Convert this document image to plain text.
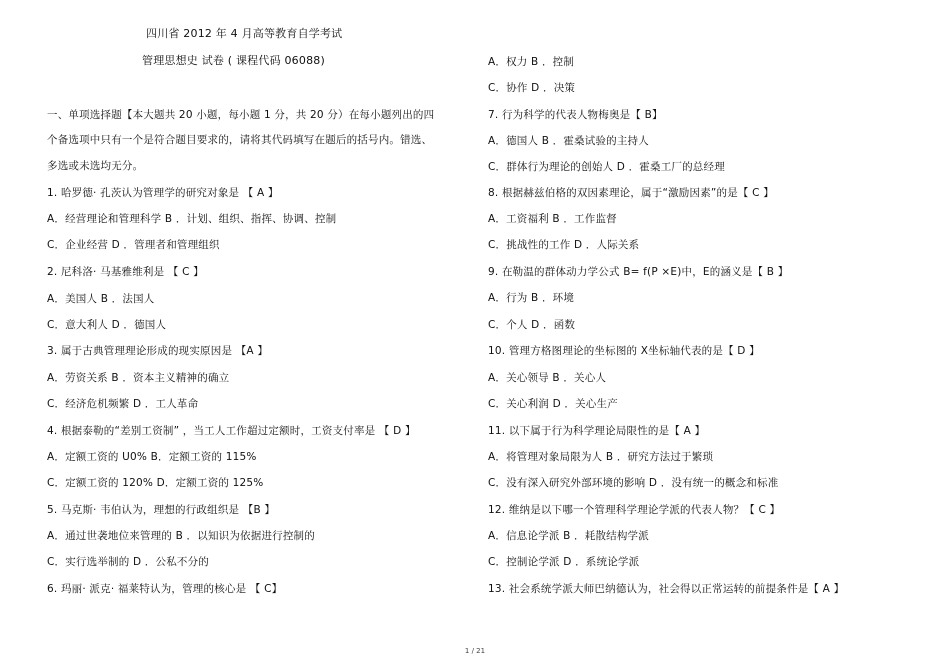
四川省 2012 年 4 月高等教育自学考试
管理思想史 试卷 ( 课程代码 06088)
一、单项选择题【本大题共 20 小题，每小题 1 分，共 20 分）在每小题列出的四
个备选项中只有一个是符合题目要求的，请将其代码填写在题后的括号内。错选、
多选或未选均无分。
1. 哈罗德· 孔茨认为管理学的研究对象是 【 A 】
A．经营理论和管理科学 B ．计划、组织、指挥、协调、控制
C．企业经营 D ．管理者和管理组织
2. 尼科洛· 马基雅维利是 【 C 】
A．美国人 B ．法国人
C．意大利人 D ．德国人
3. 属于古典管理理论形成的现实原因是 【A 】
A．劳资关系 B ．资本主义精神的确立
C．经济危机频繁 D ．工人革命
4. 根据泰勒的“差别工资制” ，当工人工作超过定额时，工资支付率是 【 D 】
A．定额工资的 U0% B．定额工资的 115%
C．定额工资的 120% D．定额工资的 125%
5. 马克斯· 韦伯认为，理想的行政组织是 【B 】
A．通过世袭地位来管理的 B ．以知识为依据进行控制的
C．实行选举制的 D ．公私不分的
6. 玛丽· 派克· 福莱特认为，管理的核心是 【 C】
A．权力 B ．控制
C．协作 D ．决策
7. 行为科学的代表人物梅奥是【 B】
A．德国人 B ．霍桑试验的主持人
C．群体行为理论的创始人 D ．霍桑工厂的总经理
8. 根据赫兹伯格的双因素理论，属于“激励因素”的是【 C 】
A．工资福利 B ．工作监督
C．挑战性的工作 D ．人际关系
9. 在勒温的群体动力学公式 B= f(P ×E)中，E的涵义是【 B 】
A．行为 B ．环境
C．个人 D ．函数
10. 管理方格图理论的坐标图的 X坐标轴代表的是【 D 】
A．关心领导 B ．关心人
C．关心利润 D ．关心生产
11. 以下属于行为科学理论局限性的是【 A 】
A．将管理对象局限为人 B ．研究方法过于繁琐
C．没有深入研究外部环境的影响 D ．没有统一的概念和标准
12. 维纳是以下哪一个管理科学理论学派的代表人物？【 C 】
A．信息论学派 B ．耗散结构学派
C．控制论学派 D ．系统论学派
13. 社会系统学派大师巴纳德认为，社会得以正常运转的前提条件是【 A 】
1 / 21
